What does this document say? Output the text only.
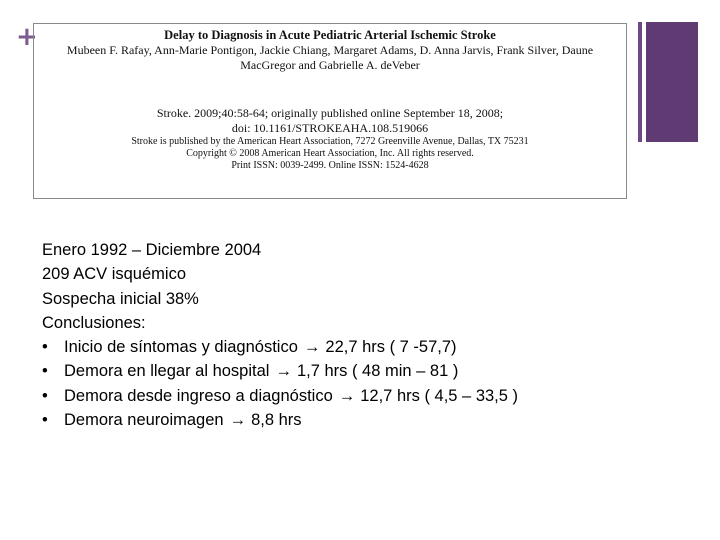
+	Delay to Diagnosis in Acute Pediatric Arterial Ischemic Stroke
Mubeen F. Rafay, Ann-Marie Pontigon, Jackie Chiang, Margaret Adams, D. Anna Jarvis, Frank Silver, Daune MacGregor and Gabrielle A. deVeber
Stroke. 2009;40:58-64; originally published online September 18, 2008;
doi: 10.1161/STROKEAHA.108.519066
Stroke is published by the American Heart Association, 7272 Greenville Avenue, Dallas, TX 75231
Copyright © 2008 American Heart Association, Inc. All rights reserved.
Print ISSN: 0039-2499. Online ISSN: 1524-4628
Enero 1992 – Diciembre 2004
209 ACV isquémico
Sospecha inicial 38%
Conclusiones:
• Inicio de síntomas y diagnóstico → 22,7 hrs ( 7 -57,7)
• Demora en llegar al hospital → 1,7 hrs ( 48 min – 81 )
• Demora desde ingreso a diagnóstico → 12,7 hrs ( 4,5 – 33,5 )
• Demora neuroimagen → 8,8 hrs
